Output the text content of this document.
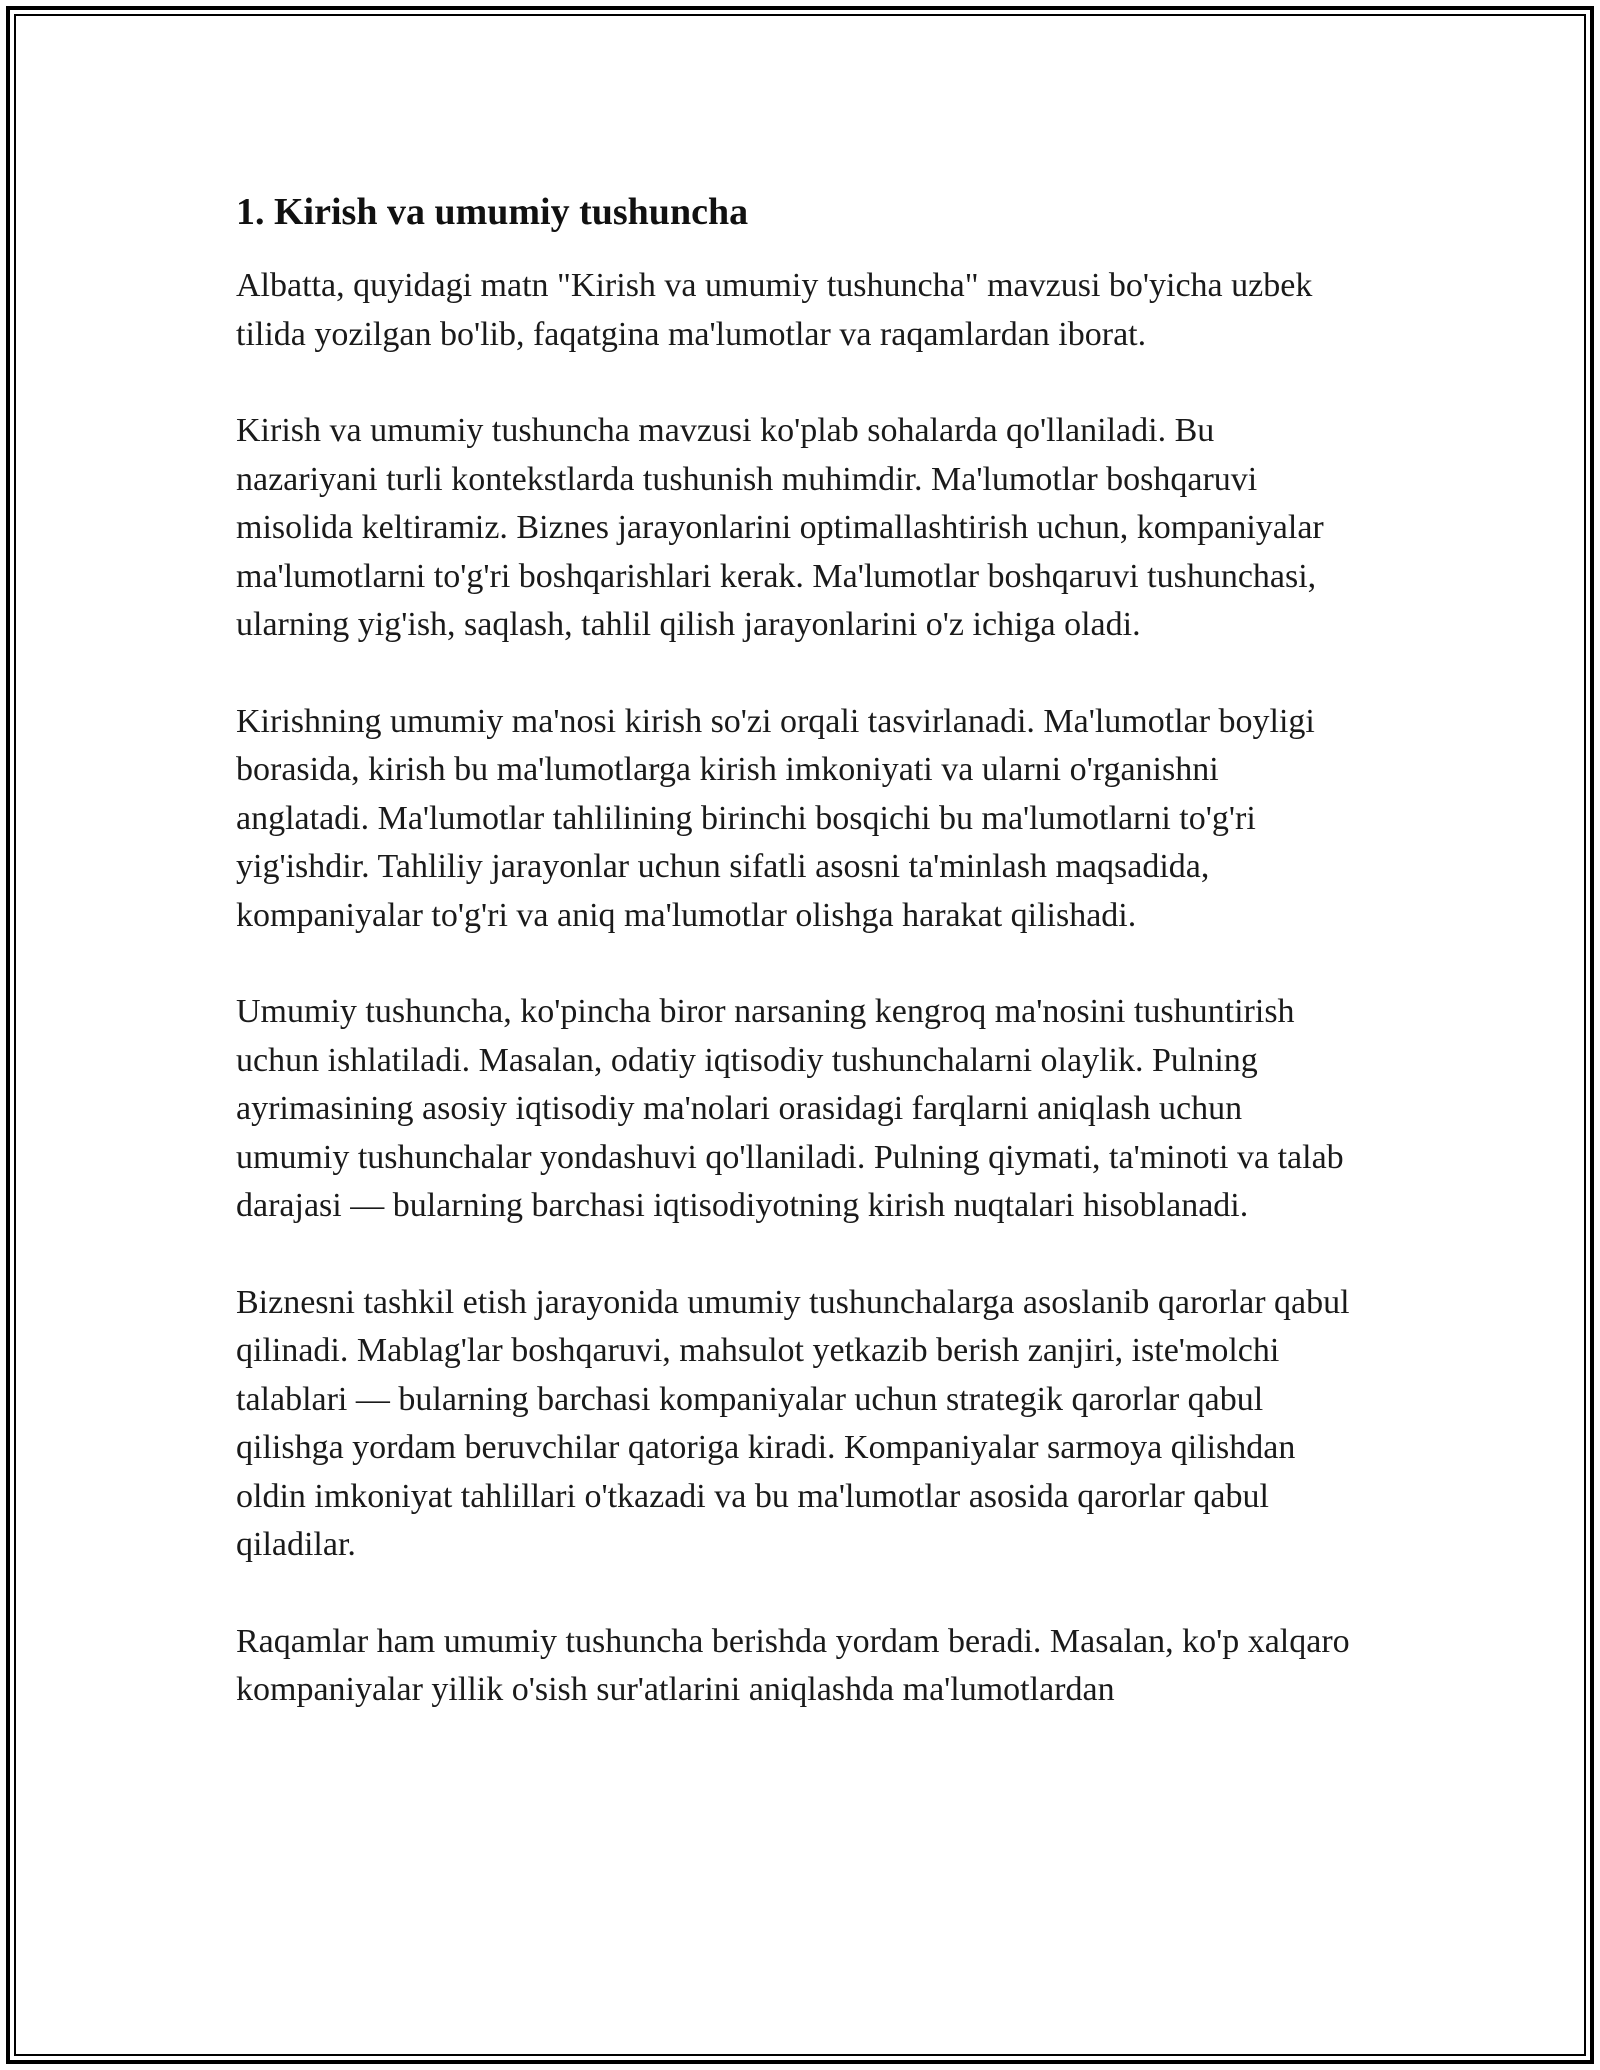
1. Kirish va umumiy tushuncha

Albatta, quyidagi matn "Kirish va umumiy tushuncha" mavzusi bo'yicha uzbek tilida yozilgan bo'lib, faqatgina ma'lumotlar va raqamlardan iborat.

Kirish va umumiy tushuncha mavzusi ko'plab sohalarda qo'llaniladi. Bu nazariyani turli kontekstlarda tushunish muhimdir. Ma'lumotlar boshqaruvi misolida keltiramiz. Biznes jarayonlarini optimallashtirish uchun, kompaniyalar ma'lumotlarni to'g'ri boshqarishlari kerak. Ma'lumotlar boshqaruvi tushunchasi, ularning yig'ish, saqlash, tahlil qilish jarayonlarini o'z ichiga oladi.

Kirishning umumiy ma'nosi kirish so'zi orqali tasvirlanadi. Ma'lumotlar boyligi borasida, kirish bu ma'lumotlarga kirish imkoniyati va ularni o'rganishni anglatadi. Ma'lumotlar tahlilining birinchi bosqichi bu ma'lumotlarni to'g'ri yig'ishdir. Tahliliy jarayonlar uchun sifatli asosni ta'minlash maqsadida, kompaniyalar to'g'ri va aniq ma'lumotlar olishga harakat qilishadi.

Umumiy tushuncha, ko'pincha biror narsaning kengroq ma'nosini tushuntirish uchun ishlatiladi. Masalan, odatiy iqtisodiy tushunchalarni olaylik. Pulning ayrimasining asosiy iqtisodiy ma'nolari orasidagi farqlarni aniqlash uchun umumiy tushunchalar yondashuvi qo'llaniladi. Pulning qiymati, ta'minoti va talab darajasi — bularning barchasi iqtisodiyotning kirish nuqtalari hisoblanadi.

Biznesni tashkil etish jarayonida umumiy tushunchalarga asoslanib qarorlar qabul qilinadi. Mablag'lar boshqaruvi, mahsulot yetkazib berish zanjiri, iste'molchi talablari — bularning barchasi kompaniyalar uchun strategik qarorlar qabul qilishga yordam beruvchilar qatoriga kiradi. Kompaniyalar sarmoya qilishdan oldin imkoniyat tahlillari o'tkazadi va bu ma'lumotlar asosida qarorlar qabul qiladilar.

Raqamlar ham umumiy tushuncha berishda yordam beradi. Masalan, ko'p xalqaro kompaniyalar yillik o'sish sur'atlarini aniqlashda ma'lumotlardan
